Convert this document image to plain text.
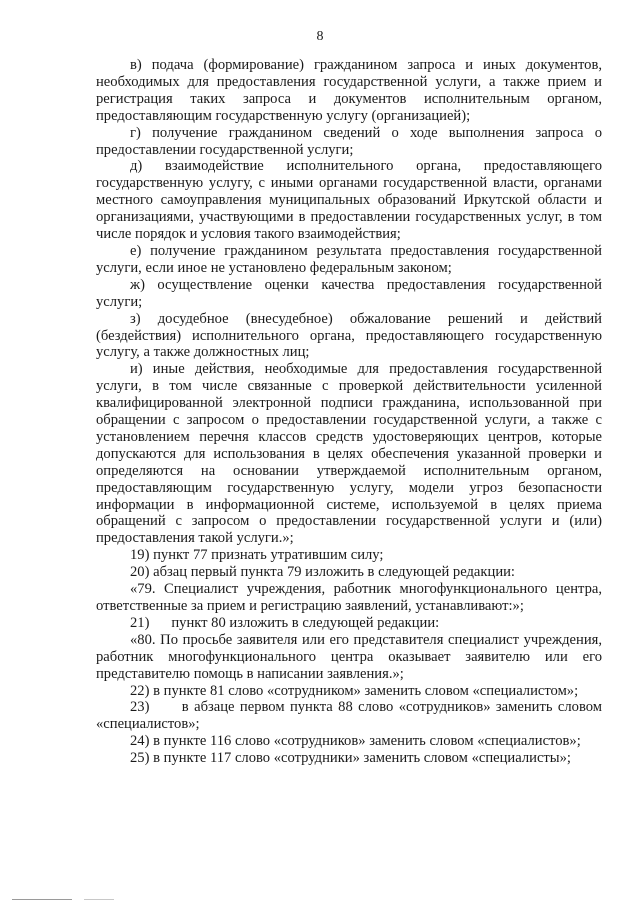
8

в) подача (формирование) гражданином запроса и иных документов, необходимых для предоставления государственной услуги, а также прием и регистрация таких запроса и документов исполнительным органом, предоставляющим государственную услугу (организацией);

г) получение гражданином сведений о ходе выполнения запроса о предоставлении государственной услуги;

д) взаимодействие исполнительного органа, предоставляющего государственную услугу, с иными органами государственной власти, органами местного самоуправления муниципальных образований Иркутской области и организациями, участвующими в предоставлении государственных услуг, в том числе порядок и условия такого взаимодействия;

е) получение гражданином результата предоставления государственной услуги, если иное не установлено федеральным законом;

ж) осуществление оценки качества предоставления государственной услуги;

з) досудебное (внесудебное) обжалование решений и действий (бездействия) исполнительного органа, предоставляющего государственную услугу, а также должностных лиц;

и) иные действия, необходимые для предоставления государственной услуги, в том числе связанные с проверкой действительности усиленной квалифицированной электронной подписи гражданина, использованной при обращении с запросом о предоставлении государственной услуги, а также с установлением перечня классов средств удостоверяющих центров, которые допускаются для использования в целях обеспечения указанной проверки и определяются на основании утверждаемой исполнительным органом, предоставляющим государственную услугу, модели угроз безопасности информации в информационной системе, используемой в целях приема обращений с запросом о предоставлении государственной услуги и (или) предоставления такой услуги.»;

19) пункт 77 признать утратившим силу;

20) абзац первый пункта 79 изложить в следующей редакции:

«79. Специалист учреждения, работник многофункционального центра, ответственные за прием и регистрацию заявлений, устанавливают:»;

21)      пункт 80 изложить в следующей редакции:

«80. По просьбе заявителя или его представителя специалист учреждения, работник многофункционального центра оказывает заявителю или его представителю помощь в написании заявления.»;

22) в пункте 81 слово «сотрудником» заменить словом «специалистом»;

23)      в абзаце первом пункта 88 слово «сотрудников» заменить словом «специалистов»;

24) в пункте 116 слово «сотрудников» заменить словом «специалистов»;

25) в пункте 117 слово «сотрудники» заменить словом «специалисты»;
